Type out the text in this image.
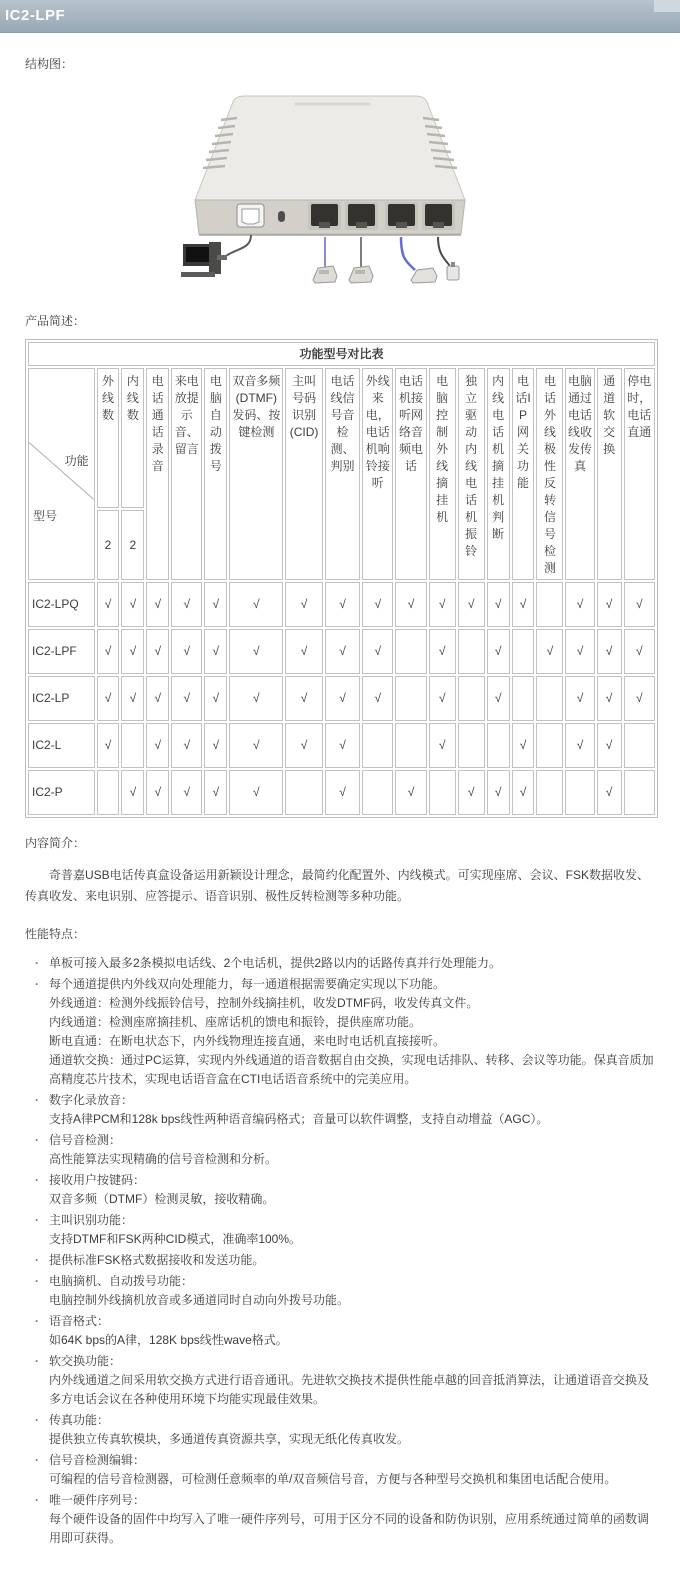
IC2-LPF
结构图：
产品简述：
功能型号对比表																		

功能
型号	外线数	内线数	电话通话录音	来电放提示音、留言	电脑自动拨号	双音多频(DTMF)发码、按键检测	主叫号码识别(CID)	电话线信号音检测、判别	外线来电，电话机响铃接听	电话机接听网络音频电话	电脑控制外线摘挂机	独立驱动内线电话机振铃	内线电话机摘挂机判断	电话IP网关功能	电话外线极性反转信号检测	电脑通过电话线收发传真	通道软交换	停电时，电话直通
	2	2																
IC2-LPQ	√	√	√	√	√	√	√	√	√	√	√	√	√	√		√	√	√
IC2-LPF	√	√	√	√	√	√	√	√	√		√		√		√	√	√	√
IC2-LP	√	√	√	√	√	√	√	√	√		√		√			√	√	√
IC2-L	√		√	√	√	√	√	√			√			√		√	√	
IC2-P		√	√	√	√	√		√		√		√	√	√			√	
内容简介：

奇普嘉USB电话传真盒设备运用新颖设计理念，最简约化配置外、内线模式。可实现座席、会议、FSK数据收发、传真收发、来电识别、应答提示、语音识别、极性反转检测等多种功能。

性能特点：
· 单板可接入最多2条模拟电话线、2个电话机，提供2路以内的话路传真并行处理能力。
· 每个通道提供内外线双向处理能力，每一通道根据需要确定实现以下功能。
外线通道：检测外线振铃信号，控制外线摘挂机，收发DTMF码，收发传真文件。
内线通道：检测座席摘挂机、座席话机的馈电和振铃，提供座席功能。
断电直通：在断电状态下，内外线物理连接直通，来电时电话机直接接听。
通道软交换：通过PC运算，实现内外线通道的语音数据自由交换，实现电话排队、转移、会议等功能。保真音质加高精度芯片技术，实现电话语音盒在CTI电话语音系统中的完美应用。
· 数字化录放音：
支持A律PCM和128k bps线性两种语音编码格式；音量可以软件调整，支持自动增益（AGC）。
· 信号音检测：
高性能算法实现精确的信号音检测和分析。
· 接收用户按键码：
双音多频（DTMF）检测灵敏，接收精确。
· 主叫识别功能：
支持DTMF和FSK两种CID模式，准确率100%。
· 提供标准FSK格式数据接收和发送功能。
· 电脑摘机、自动拨号功能：
电脑控制外线摘机放音或多通道同时自动向外拨号功能。
· 语音格式：
如64K bps的A律，128K bps线性wave格式。
· 软交换功能：
内外线通道之间采用软交换方式进行语音通讯。先进软交换技术提供性能卓越的回音抵消算法，让通道语音交换及多方电话会议在各种使用环境下均能实现最佳效果。
· 传真功能：
提供独立传真软模块，多通道传真资源共享，实现无纸化传真收发。
· 信号音检测编辑：
可编程的信号音检测器，可检测任意频率的单/双音频信号音，方便与各种型号交换机和集团电话配合使用。
· 唯一硬件序列号：
每个硬件设备的固件中均写入了唯一硬件序列号，可用于区分不同的设备和防伪识别，应用系统通过简单的函数调用即可获得。
